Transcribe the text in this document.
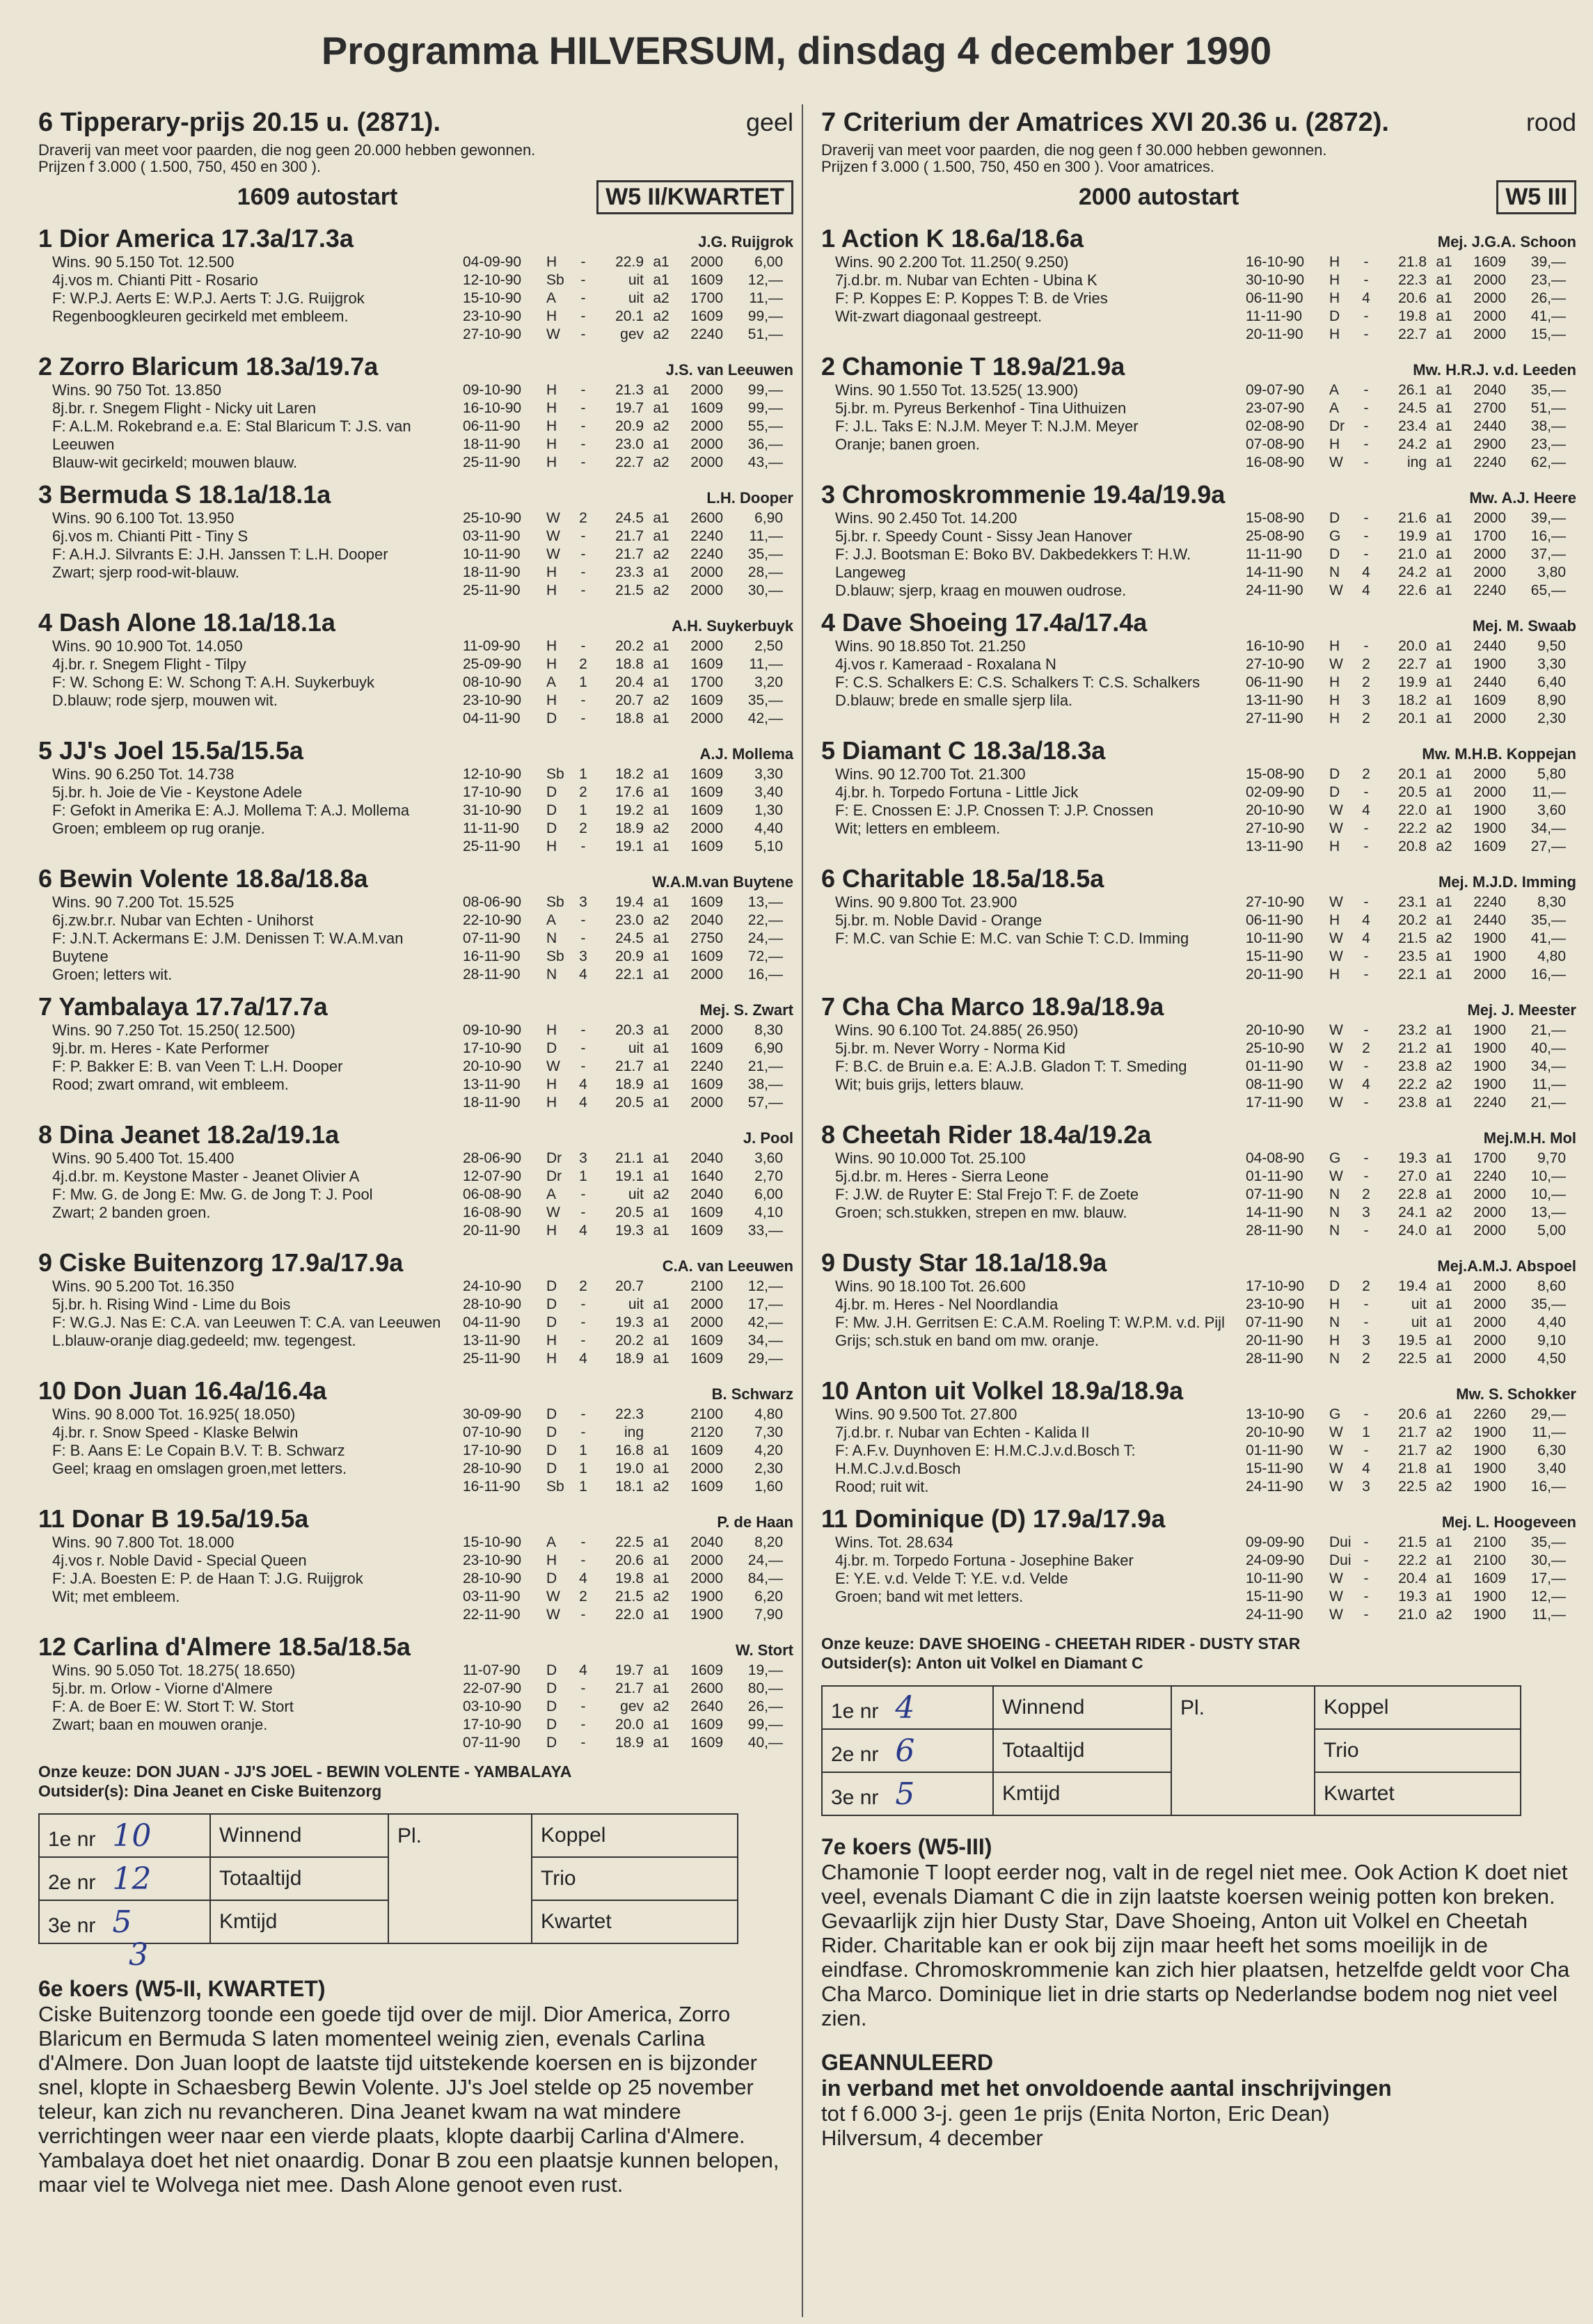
Programma HILVERSUM, dinsdag 4 december 1990
6 Tipperary-prijs 20.15 u. (2871).	geel
Draverij van meet voor paarden, die nog geen 20.000 hebben gewonnen.
Prijzen f 3.000 ( 1.500, 750, 450 en 300 ).
1609 autostart	W5 II/KWARTET
1 Dior America 17.3a/17.3a	J.G. Ruijgrok
Wins. 90 5.150 Tot. 12.500
4j.vos m. Chianti Pitt - Rosario
F: W.P.J. Aerts E: W.P.J. Aerts T: J.G. Ruijgrok
Regenboogkleuren gecirkeld met embleem.
04-09-90	H	-	22.9 a1	2000	6,00
12-10-90	Sb	-	uit a1	1609	12,—
15-10-90	A	-	uit a2	1700	11,—
23-10-90	H	-	20.1 a2	1609	99,—
27-10-90	W	-	gev a2	2240	51,—
2 Zorro Blaricum 18.3a/19.7a	J.S. van Leeuwen
Wins. 90 750 Tot. 13.850
8j.br. r. Snegem Flight - Nicky uit Laren
F: A.L.M. Rokebrand e.a. E: Stal Blaricum T: J.S. van Leeuwen
Blauw-wit gecirkeld; mouwen blauw.
09-10-90	H	-	21.3 a1	2000	99,—
16-10-90	H	-	19.7 a1	1609	99,—
06-11-90	H	-	20.9 a2	2000	55,—
18-11-90	H	-	23.0 a1	2000	36,—
25-11-90	H	-	22.7 a2	2000	43,—
3 Bermuda S 18.1a/18.1a	L.H. Dooper
Wins. 90 6.100 Tot. 13.950
6j.vos m. Chianti Pitt - Tiny S
F: A.H.J. Silvrants E: J.H. Janssen T: L.H. Dooper
Zwart; sjerp rood-wit-blauw.
25-10-90	W	2	24.5 a1	2600	6,90
03-11-90	W	-	21.7 a1	2240	11,—
10-11-90	W	-	21.7 a2	2240	35,—
18-11-90	H	-	23.3 a1	2000	28,—
25-11-90	H	-	21.5 a2	2000	30,—
4 Dash Alone 18.1a/18.1a	A.H. Suykerbuyk
Wins. 90 10.900 Tot. 14.050
4j.br. r. Snegem Flight - Tilpy
F: W. Schong E: W. Schong T: A.H. Suykerbuyk
D.blauw; rode sjerp, mouwen wit.
11-09-90	H	-	20.2 a1	2000	2,50
25-09-90	H	2	18.8 a1	1609	11,—
08-10-90	A	1	20.4 a1	1700	3,20
23-10-90	H	-	20.7 a2	1609	35,—
04-11-90	D	-	18.8 a1	2000	42,—
5 JJ's Joel 15.5a/15.5a	A.J. Mollema
Wins. 90 6.250 Tot. 14.738
5j.br. h. Joie de Vie - Keystone Adele
F: Gefokt in Amerika E: A.J. Mollema T: A.J. Mollema
Groen; embleem op rug oranje.
12-10-90	Sb	1	18.2 a1	1609	3,30
17-10-90	D	2	17.6 a1	1609	3,40
31-10-90	D	1	19.2 a1	1609	1,30
11-11-90	D	2	18.9 a2	2000	4,40
25-11-90	H	-	19.1 a1	1609	5,10
6 Bewin Volente 18.8a/18.8a	W.A.M.van Buytene
Wins. 90 7.200 Tot. 15.525
6j.zw.br.r. Nubar van Echten - Unihorst
F: J.N.T. Ackermans E: J.M. Denissen T: W.A.M.van Buytene
Groen; letters wit.
08-06-90	Sb	3	19.4 a1	1609	13,—
22-10-90	A	-	23.0 a2	2040	22,—
07-11-90	N	-	24.5 a1	2750	24,—
16-11-90	Sb	3	20.9 a1	1609	72,—
28-11-90	N	4	22.1 a1	2000	16,—
7 Yambalaya 17.7a/17.7a	Mej. S. Zwart
Wins. 90 7.250 Tot. 15.250( 12.500)
9j.br. m. Heres - Kate Performer
F: P. Bakker E: B. van Veen T: L.H. Dooper
Rood; zwart omrand, wit embleem.
09-10-90	H	-	20.3 a1	2000	8,30
17-10-90	D	-	uit a1	1609	6,90
20-10-90	W	-	21.7 a1	2240	21,—
13-11-90	H	4	18.9 a1	1609	38,—
18-11-90	H	4	20.5 a1	2000	57,—
8 Dina Jeanet 18.2a/19.1a	J. Pool
Wins. 90 5.400 Tot. 15.400
4j.d.br. m. Keystone Master - Jeanet Olivier A
F: Mw. G. de Jong E: Mw. G. de Jong T: J. Pool
Zwart; 2 banden groen.
28-06-90	Dr	3	21.1 a1	2040	3,60
12-07-90	Dr	1	19.1 a1	1640	2,70
06-08-90	A	-	uit a2	2040	6,00
16-08-90	W	-	20.5 a1	1609	4,10
20-11-90	H	4	19.3 a1	1609	33,—
9 Ciske Buitenzorg 17.9a/17.9a	C.A. van Leeuwen
Wins. 90 5.200 Tot. 16.350
5j.br. h. Rising Wind - Lime du Bois
F: W.G.J. Nas E: C.A. van Leeuwen T: C.A. van Leeuwen
L.blauw-oranje diag.gedeeld; mw. tegengest.
24-10-90	D	2	20.7	2100	12,—
28-10-90	D	-	uit a1	2000	17,—
04-11-90	D	-	19.3 a1	2000	42,—
13-11-90	H	-	20.2 a1	1609	34,—
25-11-90	H	4	18.9 a1	1609	29,—
10 Don Juan 16.4a/16.4a	B. Schwarz
Wins. 90 8.000 Tot. 16.925( 18.050)
4j.br. r. Snow Speed - Klaske Belwin
F: B. Aans E: Le Copain B.V. T: B. Schwarz
Geel; kraag en omslagen groen,met letters.
30-09-90	D	-	22.3	2100	4,80
07-10-90	D	-	ing	2120	7,30
17-10-90	D	1	16.8 a1	1609	4,20
28-10-90	D	1	19.0 a1	2000	2,30
16-11-90	Sb	1	18.1 a2	1609	1,60
11 Donar B 19.5a/19.5a	P. de Haan
Wins. 90 7.800 Tot. 18.000
4j.vos r. Noble David - Special Queen
F: J.A. Boesten E: P. de Haan T: J.G. Ruijgrok
Wit; met embleem.
15-10-90	A	-	22.5 a1	2040	8,20
23-10-90	H	-	20.6 a1	2000	24,—
28-10-90	D	4	19.8 a1	2000	84,—
03-11-90	W	2	21.5 a2	1900	6,20
22-11-90	W	-	22.0 a1	1900	7,90
12 Carlina d'Almere 18.5a/18.5a	W. Stort
Wins. 90 5.050 Tot. 18.275( 18.650)
5j.br. m. Orlow - Viorne d'Almere
F: A. de Boer E: W. Stort T: W. Stort
Zwart; baan en mouwen oranje.
11-07-90	D	4	19.7 a1	1609	19,—
22-07-90	D	-	21.7 a1	2600	80,—
03-10-90	D	-	gev a2	2640	26,—
17-10-90	D	-	20.0 a1	1609	99,—
07-11-90	D	-	18.9 a1	1609	40,—
Onze keuze: DON JUAN - JJ'S JOEL - BEWIN VOLENTE - YAMBALAYA
Outsider(s): Dina Jeanet en Ciske Buitenzorg
1e nr 10	Winnend	Pl.	Koppel
2e nr 12	Totaaltijd		Trio
3e nr 5	Kmtijd		Kwartet
3
6e koers (W5-II, KWARTET)
Ciske Buitenzorg toonde een goede tijd over de mijl. Dior America, Zorro Blaricum en Bermuda S laten momenteel weinig zien, evenals Carlina d'Almere. Don Juan loopt de laatste tijd uitstekende koersen en is bijzonder snel, klopte in Schaesberg Bewin Volente. JJ's Joel stelde op 25 november teleur, kan zich nu revancheren. Dina Jeanet kwam na wat mindere verrichtingen weer naar een vierde plaats, klopte daarbij Carlina d'Almere. Yambalaya doet het niet onaardig. Donar B zou een plaatsje kunnen belopen, maar viel te Wolvega niet mee. Dash Alone genoot even rust.
7 Criterium der Amatrices XVI 20.36 u. (2872).	rood
Draverij van meet voor paarden, die nog geen f 30.000 hebben gewonnen.
Prijzen f 3.000 ( 1.500, 750, 450 en 300 ). Voor amatrices.
2000 autostart	W5 III
1 Action K 18.6a/18.6a	Mej. J.G.A. Schoon
Wins. 90 2.200 Tot. 11.250( 9.250)
7j.d.br. m. Nubar van Echten - Ubina K
F: P. Koppes E: P. Koppes T: B. de Vries
Wit-zwart diagonaal gestreept.
16-10-90	H	-	21.8 a1	1609	39,—
30-10-90	H	-	22.3 a1	2000	23,—
06-11-90	H	4	20.6 a1	2000	26,—
11-11-90	D	-	19.8 a1	2000	41,—
20-11-90	H	-	22.7 a1	2000	15,—
2 Chamonie T 18.9a/21.9a	Mw. H.R.J. v.d. Leeden
Wins. 90 1.550 Tot. 13.525( 13.900)
5j.br. m. Pyreus Berkenhof - Tina Uithuizen
F: J.L. Taks E: N.J.M. Meyer T: N.J.M. Meyer
Oranje; banen groen.
09-07-90	A	-	26.1 a1	2040	35,—
23-07-90	A	-	24.5 a1	2700	51,—
02-08-90	Dr	-	23.4 a1	2440	38,—
07-08-90	H	-	24.2 a1	2900	23,—
16-08-90	W	-	ing a1	2240	62,—
3 Chromoskrommenie 19.4a/19.9a	Mw. A.J. Heere
Wins. 90 2.450 Tot. 14.200
5j.br. r. Speedy Count - Sissy Jean Hanover
F: J.J. Bootsman E: Boko BV. Dakbedekkers T: H.W. Langeweg
D.blauw; sjerp, kraag en mouwen oudrose.
15-08-90	D	-	21.6 a1	2000	39,—
25-08-90	G	-	19.9 a1	1700	16,—
11-11-90	D	-	21.0 a1	2000	37,—
14-11-90	N	4	24.2 a1	2000	3,80
24-11-90	W	4	22.6 a1	2240	65,—
4 Dave Shoeing 17.4a/17.4a	Mej. M. Swaab
Wins. 90 18.850 Tot. 21.250
4j.vos r. Kameraad - Roxalana N
F: C.S. Schalkers E: C.S. Schalkers T: C.S. Schalkers
D.blauw; brede en smalle sjerp lila.
16-10-90	H	-	20.0 a1	2440	9,50
27-10-90	W	2	22.7 a1	1900	3,30
06-11-90	H	2	19.9 a1	2440	6,40
13-11-90	H	3	18.2 a1	1609	8,90
27-11-90	H	2	20.1 a1	2000	2,30
5 Diamant C 18.3a/18.3a	Mw. M.H.B. Koppejan
Wins. 90 12.700 Tot. 21.300
4j.br. h. Torpedo Fortuna - Little Jick
F: E. Cnossen E: J.P. Cnossen T: J.P. Cnossen
Wit; letters en embleem.
15-08-90	D	2	20.1 a1	2000	5,80
02-09-90	D	-	20.5 a1	2000	11,—
20-10-90	W	4	22.0 a1	1900	3,60
27-10-90	W	-	22.2 a2	1900	34,—
13-11-90	H	-	20.8 a2	1609	27,—
6 Charitable 18.5a/18.5a	Mej. M.J.D. Imming
Wins. 90 9.800 Tot. 23.900
5j.br. m. Noble David - Orange
F: M.C. van Schie E: M.C. van Schie T: C.D. Imming
27-10-90	W	-	23.1 a1	2240	8,30
06-11-90	H	4	20.2 a1	2440	35,—
10-11-90	W	4	21.5 a2	1900	41,—
15-11-90	W	-	23.5 a1	1900	4,80
20-11-90	H	-	22.1 a1	2000	16,—
7 Cha Cha Marco 18.9a/18.9a	Mej. J. Meester
Wins. 90 6.100 Tot. 24.885( 26.950)
5j.br. m. Never Worry - Norma Kid
F: B.C. de Bruin e.a. E: A.J.B. Gladon T: T. Smeding
Wit; buis grijs, letters blauw.
20-10-90	W	-	23.2 a1	1900	21,—
25-10-90	W	2	21.2 a1	1900	40,—
01-11-90	W	-	23.8 a2	1900	34,—
08-11-90	W	4	22.2 a2	1900	11,—
17-11-90	W	-	23.8 a1	2240	21,—
8 Cheetah Rider 18.4a/19.2a	Mej.M.H. Mol
Wins. 90 10.000 Tot. 25.100
5j.d.br. m. Heres - Sierra Leone
F: J.W. de Ruyter E: Stal Frejo T: F. de Zoete
Groen; sch.stukken, strepen en mw. blauw.
04-08-90	G	-	19.3 a1	1700	9,70
01-11-90	W	-	27.0 a1	2240	10,—
07-11-90	N	2	22.8 a1	2000	10,—
14-11-90	N	3	24.1 a2	2000	13,—
28-11-90	N	-	24.0 a1	2000	5,00
9 Dusty Star 18.1a/18.9a	Mej.A.M.J. Abspoel
Wins. 90 18.100 Tot. 26.600
4j.br. m. Heres - Nel Noordlandia
F: Mw. J.H. Gerritsen E: C.A.M. Roeling T: W.P.M. v.d. Pijl
Grijs; sch.stuk en band om mw. oranje.
17-10-90	D	2	19.4 a1	2000	8,60
23-10-90	H	-	uit a1	2000	35,—
07-11-90	N	-	uit a1	2000	4,40
20-11-90	H	3	19.5 a1	2000	9,10
28-11-90	N	2	22.5 a1	2000	4,50
10 Anton uit Volkel 18.9a/18.9a	Mw. S. Schokker
Wins. 90 9.500 Tot. 27.800
7j.d.br. r. Nubar van Echten - Kalida II
F: A.F.v. Duynhoven E: H.M.C.J.v.d.Bosch T: H.M.C.J.v.d.Bosch
Rood; ruit wit.
13-10-90	G	-	20.6 a1	2260	29,—
20-10-90	W	1	21.7 a2	1900	11,—
01-11-90	W	-	21.7 a2	1900	6,30
15-11-90	W	4	21.8 a1	1900	3,40
24-11-90	W	3	22.5 a2	1900	16,—
11 Dominique (D) 17.9a/17.9a	Mej. L. Hoogeveen
Wins. Tot. 28.634
4j.br. m. Torpedo Fortuna - Josephine Baker
E: Y.E. v.d. Velde T: Y.E. v.d. Velde
Groen; band wit met letters.
09-09-90	Dui -	21.5 a1	2100	35,—
24-09-90	Dui -	22.2 a1	2100	30,—
10-11-90	W	-	20.4 a1	1609	17,—
15-11-90	W	-	19.3 a1	1900	12,—
24-11-90	W	-	21.0 a2	1900	11,—
Onze keuze: DAVE SHOEING - CHEETAH RIDER - DUSTY STAR
Outsider(s): Anton uit Volkel en Diamant C
1e nr 4	Winnend	Pl.	Koppel
2e nr 6	Totaaltijd		Trio
3e nr 5	Kmtijd		Kwartet
7e koers (W5-III)
Chamonie T loopt eerder nog, valt in de regel niet mee. Ook Action K doet niet veel, evenals Diamant C die in zijn laatste koersen weinig potten kon breken. Gevaarlijk zijn hier Dusty Star, Dave Shoeing, Anton uit Volkel en Cheetah Rider. Charitable kan er ook bij zijn maar heeft het soms moeilijk in de eindfase. Chromoskrommenie kan zich hier plaatsen, hetzelfde geldt voor Cha Cha Marco. Dominique liet in drie starts op Nederlandse bodem nog niet veel zien.
GEANNULEERD
in verband met het onvoldoende aantal inschrijvingen
tot f 6.000 3-j. geen 1e prijs (Enita Norton, Eric Dean)
Hilversum, 4 december
